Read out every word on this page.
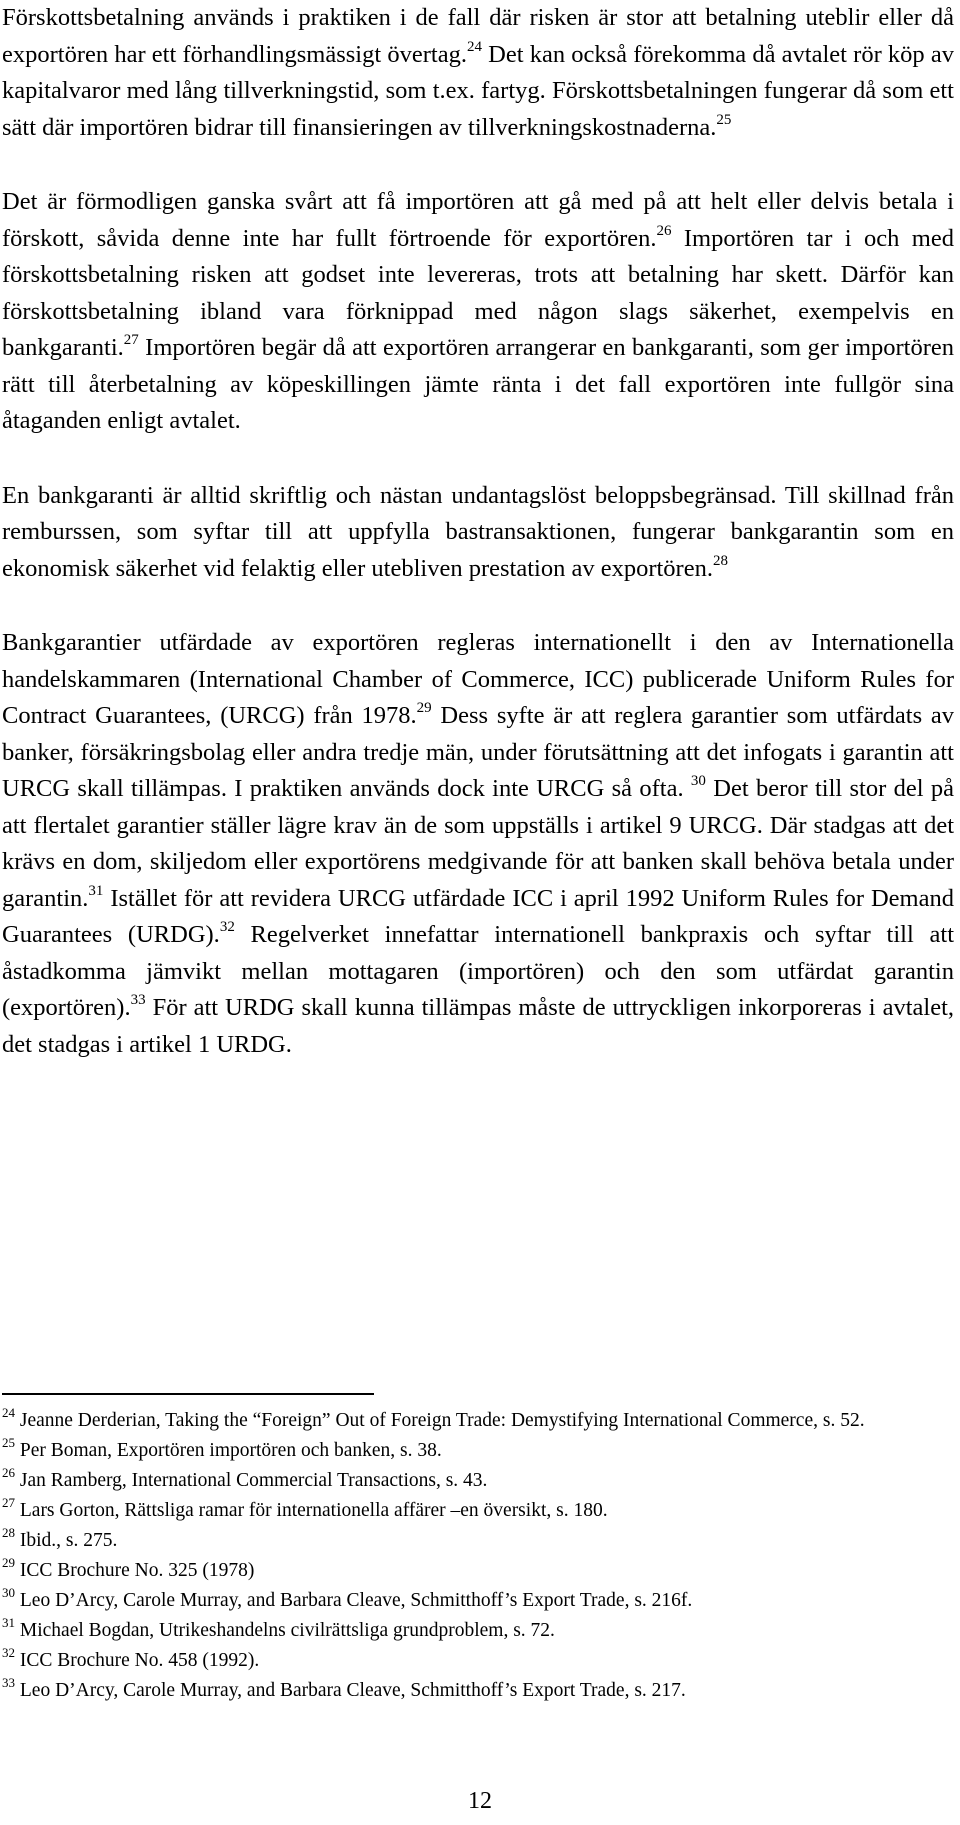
Förskottsbetalning används i praktiken i de fall där risken är stor att betalning uteblir eller då exportören har ett förhandlingsmässigt övertag.$^{24}$ Det kan också förekomma då avtalet rör köp av kapitalvaror med lång tillverkningstid, som t.ex. fartyg. Förskottsbetalningen fungerar då som ett sätt där importören bidrar till finansieringen av tillverkningskostnaderna.$^{25}$

Det är förmodligen ganska svårt att få importören att gå med på att helt eller delvis betala i förskott, såvida denne inte har fullt förtroende för exportören.$^{26}$ Importören tar i och med förskottsbetalning risken att godset inte levereras, trots att betalning har skett. Därför kan förskottsbetalning ibland vara förknippad med någon slags säkerhet, exempelvis en bankgaranti.$^{27}$ Importören begär då att exportören arrangerar en bankgaranti, som ger importören rätt till återbetalning av köpeskillingen jämte ränta i det fall exportören inte fullgör sina åtaganden enligt avtalet.

En bankgaranti är alltid skriftlig och nästan undantagslöst beloppsbegränsad. Till skillnad från remburssen, som syftar till att uppfylla bastransaktionen, fungerar bankgarantin som en ekonomisk säkerhet vid felaktig eller utebliven prestation av exportören.$^{28}$

Bankgarantier utfärdade av exportören regleras internationellt i den av Internationella handelskammaren (International Chamber of Commerce, ICC) publicerade Uniform Rules for Contract Guarantees, (URCG) från 1978.29 Dess syfte är att reglera garantier som utfärdats av banker, försäkringsbolag eller andra tredje män, under förutsättning att det infogats i garantin att URCG skall tillämpas. I praktiken används dock inte URCG så ofta. $^{30}$ Det beror till stor del på att flertalet garantier ställer lägre krav än de som uppställs i artikel 9 URCG. Där stadgas att det krävs en dom, skiljedom eller exportörens medgivande för att banken skall behöva betala under garantin.$^{31}$ Istället för att revidera URCG utfärdade ICC i april 1992 Uniform Rules for Demand Guarantees (URDG).$^{32}$ Regelverket innefattar internationell bankpraxis och syftar till att åstadkomma jämvikt mellan mottagaren (importören) och den som utfärdat garantin (exportören).$^{33}$ För att URDG skall kunna tillämpas måste de uttryckligen inkorporeras i avtalet, det stadgas i artikel 1 URDG.

$^{24}$ Jeanne Derderian, Taking the “Foreign” Out of Foreign Trade: Demystifying International Commerce, s. 52.
$^{25}$ Per Boman, Exportören importören och banken, s. 38.
$^{26}$ Jan Ramberg, International Commercial Transactions, s. 43.
$^{27}$ Lars Gorton, Rättsliga ramar för internationella affärer –en översikt, s. 180.
$^{28}$ Ibid., s. 275.
$^{29}$ ICC Brochure No. 325 (1978)
$^{30}$ Leo D’Arcy, Carole Murray, and Barbara Cleave, Schmitthoff’s Export Trade, s. 216f.
$^{31}$ Michael Bogdan, Utrikeshandelns civilrättsliga grundproblem, s. 72.
$^{32}$ ICC Brochure No. 458 (1992).
$^{33}$ Leo D’Arcy, Carole Murray, and Barbara Cleave, Schmitthoff’s Export Trade, s. 217.
12
